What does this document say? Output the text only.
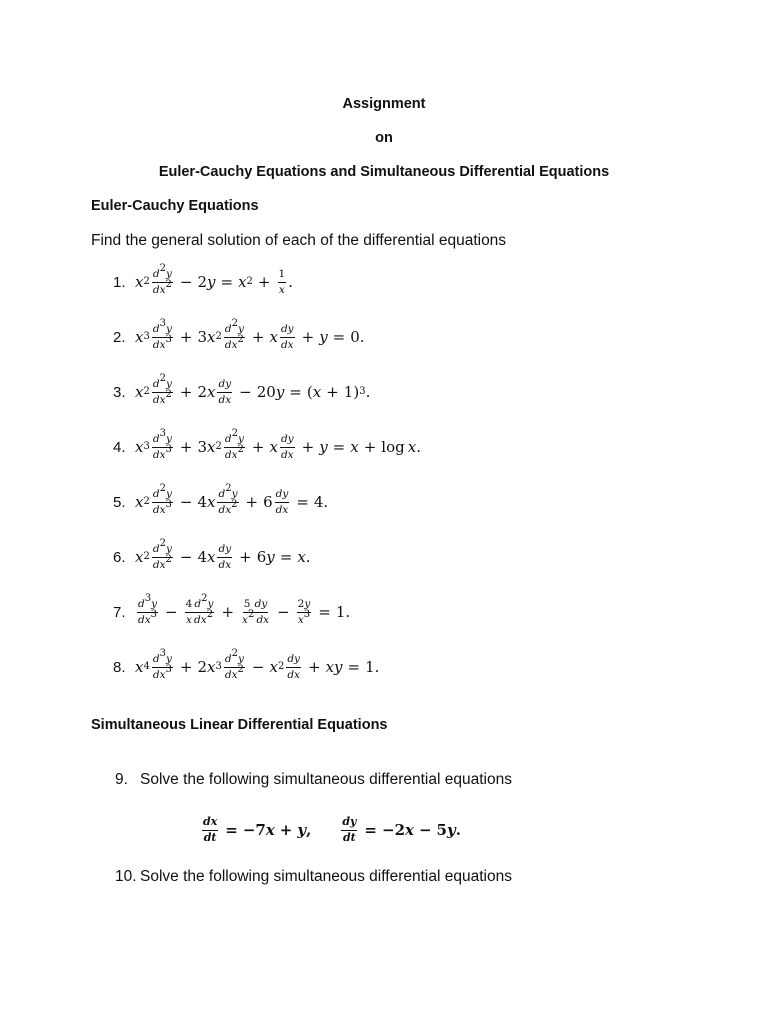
Assignment
on
Euler-Cauchy Equations and Simultaneous Differential Equations
Euler-Cauchy Equations
Find the general solution of each of the differential equations
1. x $2 \frac{d^2y}{dx^2} - 2$ y = x $2 + \frac{1}{x}$ .
2. x $3 \frac{d^3y}{dx^3} + 3$ x $2 \frac{d^2y}{dx^2} + x \frac{dy}{dx} + y = 0$.
3. x $2 \frac{d^2y}{dx^2} + 2$ x $\frac{dy}{dx} - 20$ y = ( x + 1) 3 .
4. x $3 \frac{d^3y}{dx^3} + 3$ x $2 \frac{d^2y}{dx^2} + x \frac{dy}{dx} + y = x + \log x$ .
5. x $2 \frac{d^2y}{dx^3} - 4$ x $\frac{d^2y}{dx^2} + 6 \frac{dy}{dx} = 4$.
6. x $2 \frac{d^2y}{dx^2} - 4$ x $\frac{dy}{dx} + 6$ y = x .
7.	$\frac{d^3y}{dx^3} - \frac{4 d^2y}{x dx^2} + \frac{5 dy}{x^2 dx} - \frac{2y}{x^3} = 1$.
8. x $4 \frac{d^3y}{dx^3} + 2$ x $3 \frac{d^2y}{dx^2} - x$ $2 \frac{dy}{dx}$ + xy = 1.
Simultaneous Linear Differential Equations
9. Solve the following simultaneous differential equations
$\frac{dx}{dt} = -7$ x + y ,	$\frac{dy}{dt} = -2$ x − 5 y .
10. Solve the following simultaneous differential equations
